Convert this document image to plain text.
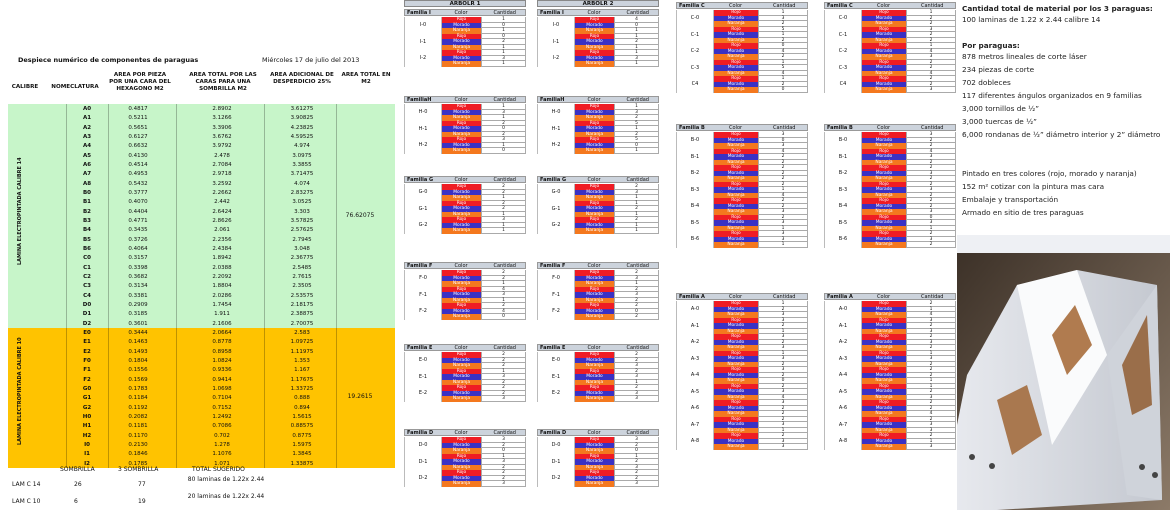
Despiece numérico de componentes de paraguas	Miércoles 17 de julio del 2013
CALIBRE	NOMECLATURA
AREA POR PIEZA POR UNA CARA DEL HEXAGONO M2
AREA TOTAL POR LAS CARAS PARA UNA SOMBRILLA M2
AREA ADICIONAL DE DESPERDICIO 25%
AREA TOTAL EN M2
LAMINA ELECTROPINTADA CALIBRE 14
LAMINA ELECTROPINTADA CALIBRE 10
A0	0.4817	2.8902	3.61275
A1	0.5211	3.1266	3.90825
A2	0.5651	3.3906	4.23825
A3	0.6127	3.6762	4.59525
A4	0.6632	3.9792	4.974
A5	0.4130	2.478	3.0975
A6	0.4514	2.7084	3.3855
A7	0.4953	2.9718	3.71475
A8	0.5432	3.2592	4.074
B0	0.3777	2.2662	2.83275
B1	0.4070	2.442	3.0525
B2	0.4404	2.6424	3.303
B3	0.4771	2.8626	3.57825
B4	0.3435	2.061	2.57625
B5	0.3726	2.2356	2.7945
B6	0.4064	2.4384	3.048
C0	0.3157	1.8942	2.36775
C1	0.3398	2.0388	2.5485
C2	0.3682	2.2092	2.7615
C3	0.3134	1.8804	2.3505
C4	0.3381	2.0286	2.53575
D0	0.2909	1.7454	2.18175
D1	0.3185	1.911	2.38875
D2	0.3601	2.1606	2.70075
E0	0.3444	2.0664	2.583
E1	0.1463	0.8778	1.09725
E2	0.1493	0.8958	1.11975
F0	0.1804	1.0824	1.353
F1	0.1556	0.9336	1.167
F2	0.1569	0.9414	1.17675
G0	0.1783	1.0698	1.33725
G1	0.1184	0.7104	0.888
G2	0.1192	0.7152	0.894
H0	0.2082	1.2492	1.5615
H1	0.1181	0.7086	0.88575
H2	0.1170	0.702	0.8775
I0	0.2130	1.278	1.5975
I1	0.1846	1.1076	1.3845
I2	0.1785	1.071	1.33875
76.62075
19.2615
SOMBRILLA	3 SOMBRILLA	TOTAL SUGERIDO
LAM C 14	26	77
80 laminas de 1.22x 2.44
LAM C 10	6	19
20 laminas de 1.22x 2.44
ARBOLR 1
Familia I	Color	Cantidad
I-0
Rojo	1
Morado	0
Naranja	1
I-1
Rojo	0
Morado	2
Naranja	1
I-2
Rojo	1
Morado	3
Naranja	1
FamiliaH	Color	Cantidad
H-0
Rojo	1
Morado	3
Naranja	1
H-1
Rojo	2
Morado	0
Naranja	2
H-2
Rojo	3
Morado	1
Naranja	0
Familia G	Color	Cantidad
G-0
Rojo	2
Morado	2
Naranja	1
G-1
Rojo	2
Morado	2
Naranja	1
G-2
Rojo	3
Morado	1
Naranja	1
Familia F	Color	Cantidad
F-0
Rojo	2
Morado	2
Naranja	1
F-1
Rojo	4
Morado	3
Naranja	1
F-2
Rojo	2
Morado	4
Naranja	0
Familia E	Color	Cantidad
E-0
Rojo	2
Morado	2
Naranja	2
E-1
Rojo	1
Morado	3
Naranja	2
E-2
Rojo	2
Morado	2
Naranja	3
Familia D	Color	Cantidad
D-0
Rojo	3
Morado	2
Naranja	0
D-1
Rojo	1
Morado	3
Naranja	2
D-2
Rojo	2
Morado	2
Naranja	3
ARBOLR 2
Familia I	Color	Cantidad
I-0
Rojo	4
Morado	0
Naranja	1
I-1
Rojo	1
Morado	2
Naranja	1
I-2
Rojo	1
Morado	3
Naranja	1
FamiliaH	Color	Cantidad
H-0
Rojo	1
Morado	3
Naranja	2
H-1
Rojo	5
Morado	1
Naranja	2
H-2
Rojo	5
Morado	0
Naranja	1
Familia G	Color	Cantidad
G-0
Rojo	2
Morado	3
Naranja	1
G-1
Rojo	1
Morado	2
Naranja	1
G-2
Rojo	2
Morado	1
Naranja	1
Familia F	Color	Cantidad
F-0
Rojo	2
Morado	3
Naranja	1
F-1
Rojo	2
Morado	3
Naranja	2
F-2
Rojo	2
Morado	0
Naranja	2
Familia E	Color	Cantidad
E-0
Rojo	2
Morado	2
Naranja	3
E-1
Rojo	2
Morado	3
Naranja	1
E-2
Rojo	2
Morado	3
Naranja	3
Familia D	Color	Cantidad
D-0
Rojo	3
Morado	2
Naranja	0
D-1
Rojo	1
Morado	2
Naranja	3
D-2
Rojo	2
Morado	2
Naranja	3
Familia C	Color	Cantidad
C-0
Rojo	1
Morado	3
Naranja	2
C-1
Rojo	5
Morado	1
Naranja	2
C-2
Rojo	0
Morado	4
Naranja	2
C-3
Rojo	1
Morado	5
Naranja	4
C4
Rojo	1
Morado	2
Naranja	0
Familia B	Color	Cantidad
B-0
Rojo	3
Morado	0
Naranja	3
B-1
Rojo	4
Morado	2
Naranja	2
B-2
Rojo	2
Morado	2
Naranja	2
B-3
Rojo	2
Morado	1
Naranja	4
B-4
Rojo	2
Morado	2
Naranja	3
B-5
Rojo	2
Morado	3
Naranja	1
B-6
Rojo	3
Morado	3
Naranja	1
Familia A	Color	Cantidad
A-0
Rojo	1
Morado	2
Naranja	3
A-1
Rojo	3
Morado	2
Naranja	1
A-2
Rojo	3
Morado	2
Naranja	3
A-3
Rojo	1
Morado	3
Naranja	2
A-4
Rojo	3
Morado	2
Naranja	0
A-5
Rojo	2
Morado	3
Naranja	4
A-6
Rojo	3
Morado	2
Naranja	2
A-7
Rojo	2
Morado	3
Naranja	1
A-8
Rojo	2
Morado	3
Naranja	3
Familia C	Color	Cantidad
C-0
Rojo	1
Morado	2
Naranja	2
C-1
Rojo	3
Morado	2
Naranja	2
C-2
Rojo	1
Morado	4
Naranja	3
C-3
Rojo	2
Morado	2
Naranja	4
C4
Rojo	2
Morado	2
Naranja	3
Familia B	Color	Cantidad
B-0
Rojo	3
Morado	2
Naranja	2
B-1
Rojo	4
Morado	3
Naranja	2
B-2
Rojo	2
Morado	3
Naranja	2
B-3
Rojo	2
Morado	3
Naranja	2
B-4
Rojo	2
Morado	2
Naranja	3
B-5
Rojo	0
Morado	3
Naranja	1
B-6
Rojo	2
Morado	3
Naranja	2
Familia A	Color	Cantidad
A-0
Rojo	2
Morado	1
Naranja	4
A-1
Rojo	3
Morado	2
Naranja	3
A-2
Rojo	2
Morado	3
Naranja	2
A-3
Rojo	1
Morado	3
Naranja	2
A-4
Rojo	2
Morado	2
Naranja	1
A-5
Rojo	1
Morado	2
Naranja	3
A-6
Rojo	2
Morado	2
Naranja	4
A-7
Rojo	2
Morado	3
Naranja	3
A-8
Rojo	2
Morado	1
Naranja	3

Cantidad total de material por los 3 paraguas:

100 laminas de 1.22 x 2.44 calibre 14

Por paraguas:

878 metros lineales de corte láser

234 piezas de corte

702 dobleces

117 diferentes ángulos organizados en 9 familias

3,000 tornillos de ½”

3,000 tuercas de ½”

6,000 rondanas de ½” diámetro interior y 2” diámetro

Pintado en tres colores (rojo, morado y naranja)

152 m² cotizar con la pintura mas cara

Embalaje y transportación

Armado en sitio de tres paraguas
